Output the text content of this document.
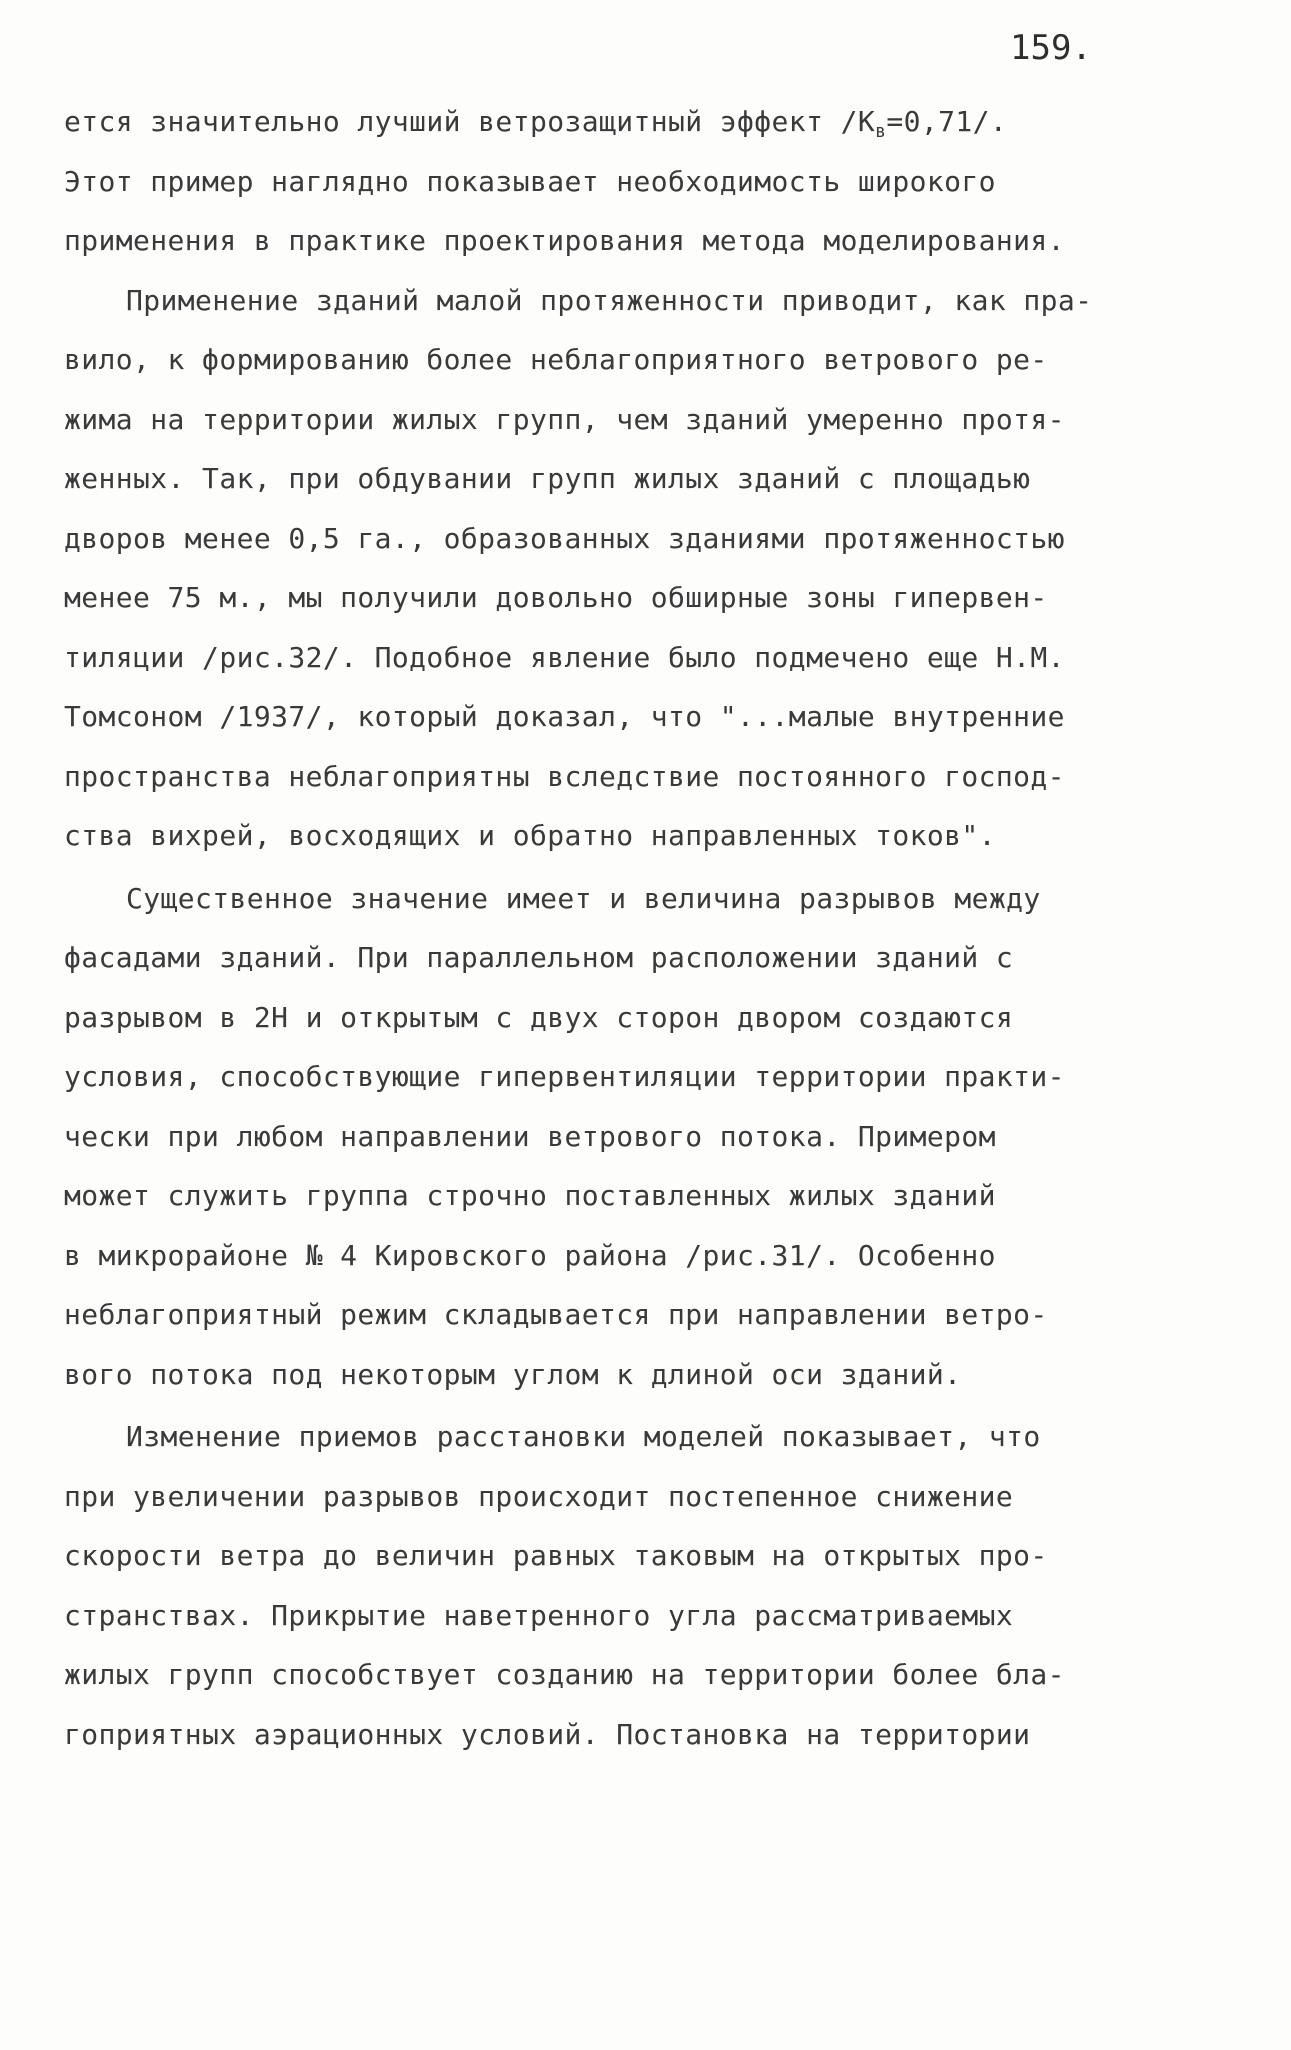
159.

ется значительно лучший ветрозащитный эффект $/К_в=0,71/$.
Этот пример наглядно показывает необходимость широкого
применения в практике проектирования метода моделирования.
Применение зданий малой протяженности приводит, как пра-
вило, к формированию более неблагоприятного ветрового ре-
жима на территории жилых групп, чем зданий умеренно протя-
женных. Так, при обдувании групп жилых зданий с площадью
дворов менее 0,5 га., образованных зданиями протяженностью
менее 75 м., мы получили довольно обширные зоны гипервен-
тиляции /рис.32/. Подобное явление было подмечено еще Н.М.
Томсоном /1937/, который доказал, что "...малые внутренние
пространства неблагоприятны вследствие постоянного господ-
ства вихрей, восходящих и обратно направленных токов".
Существенное значение имеет и величина разрывов между
фасадами зданий. При параллельном расположении зданий с
разрывом в 2Н и открытым с двух сторон двором создаются
условия, способствующие гипервентиляции территории практи-
чески при любом направлении ветрового потока. Примером
может служить группа строчно поставленных жилых зданий
в микрорайоне № 4 Кировского района /рис.31/. Особенно
неблагоприятный режим складывается при направлении ветро-
вого потока под некоторым углом к длиной оси зданий.
Изменение приемов расстановки моделей показывает, что
при увеличении разрывов происходит постепенное снижение
скорости ветра до величин равных таковым на открытых про-
странствах. Прикрытие наветренного угла рассматриваемых
жилых групп способствует созданию на территории более бла-
гоприятных аэрационных условий. Постановка на территории
